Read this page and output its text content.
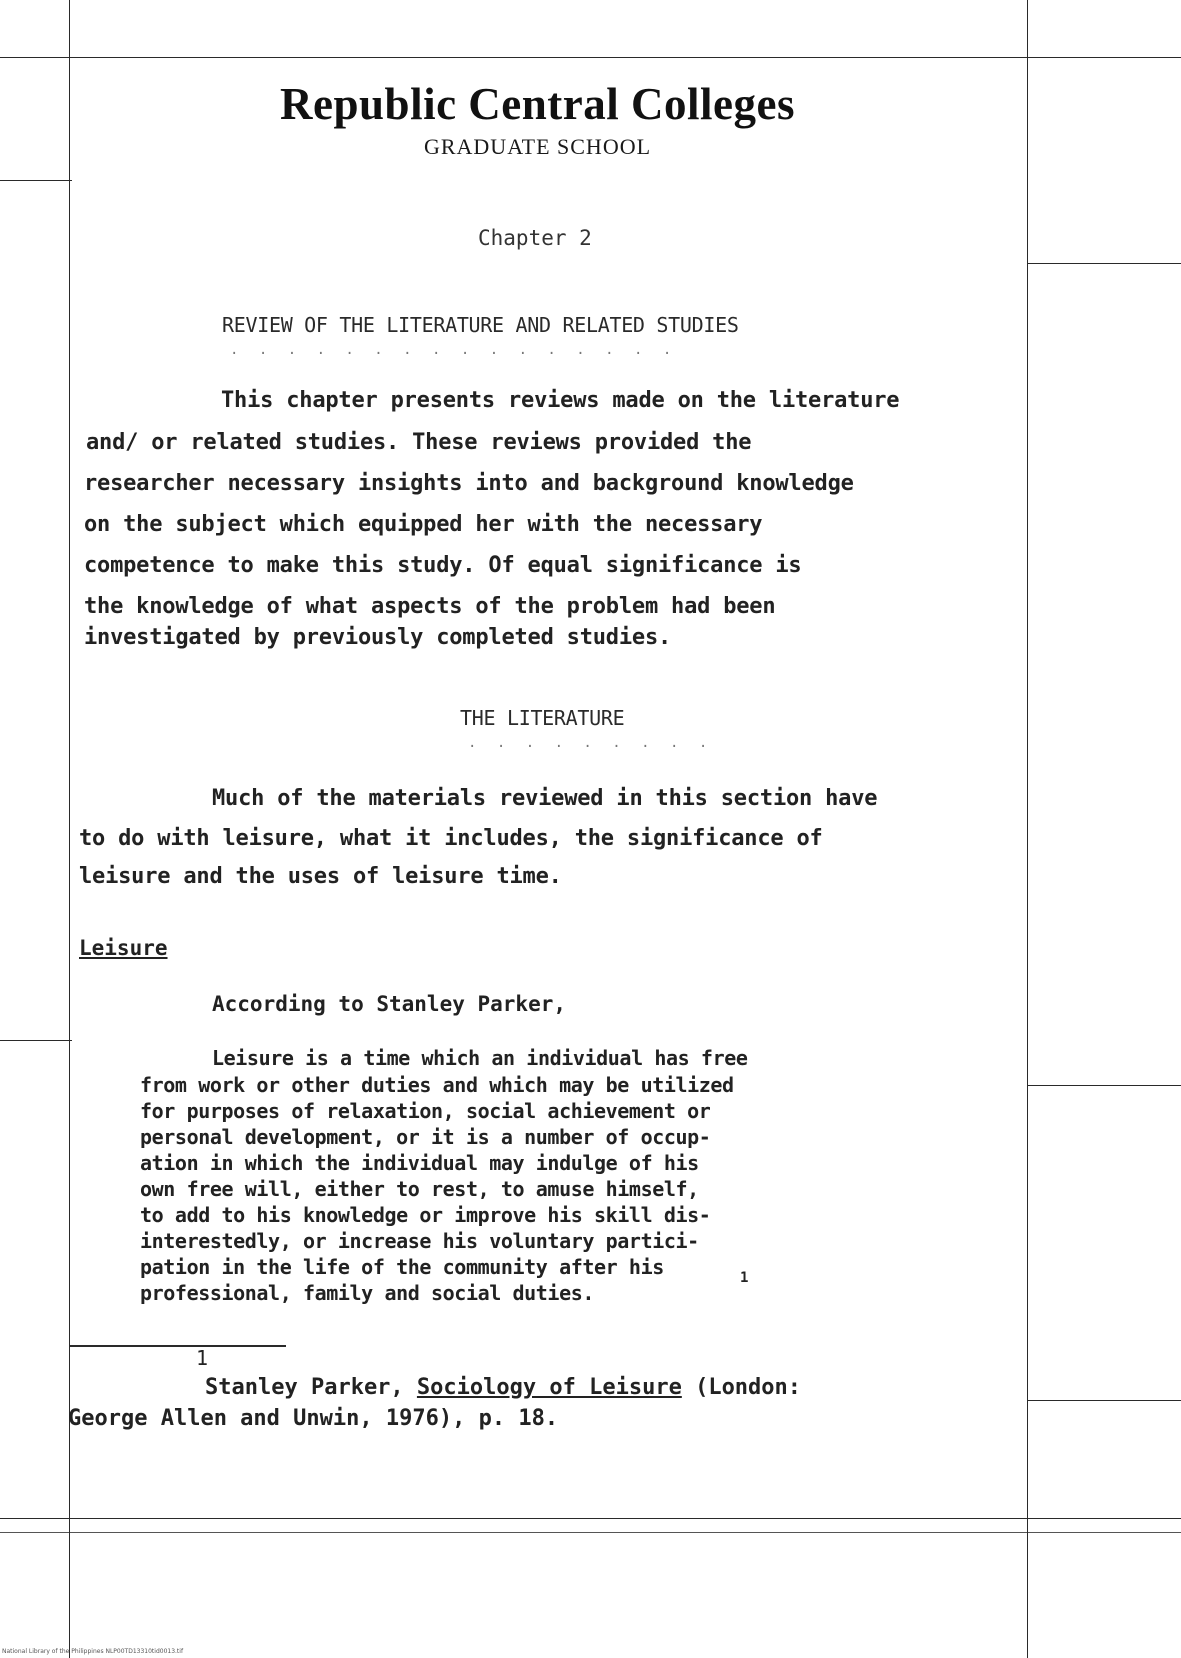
Republic Central Colleges
GRADUATE SCHOOL
Chapter 2
REVIEW OF THE LITERATURE AND RELATED STUDIES
. . . . . . . . . . . . . . . .
This chapter presents reviews made on the literature
and/ or related studies. These reviews provided the
researcher necessary insights into and background knowledge
on the subject which equipped her with the necessary
competence to make this study. Of equal significance is
the knowledge of what aspects of the problem had been
investigated by previously completed studies.
THE LITERATURE
. . . . . . . . .
Much of the materials reviewed in this section have
to do with leisure, what it includes, the significance of
leisure and the uses of leisure time.
Leisure
According to Stanley Parker,
Leisure is a time which an individual has free
from work or other duties and which may be utilized
for purposes of relaxation, social achievement or
personal development, or it is a number of occup-
ation in which the individual may indulge of his
own free will, either to rest, to amuse himself,
to add to his knowledge or improve his skill dis-
interestedly, or increase his voluntary partici-
pation in the life of the community after his
professional, family and social duties.
1
1
Stanley Parker, Sociology of Leisure (London:
George Allen and Unwin, 1976), p. 18.
National Library of the Philippines NLP00TD13310tid0013.tif
